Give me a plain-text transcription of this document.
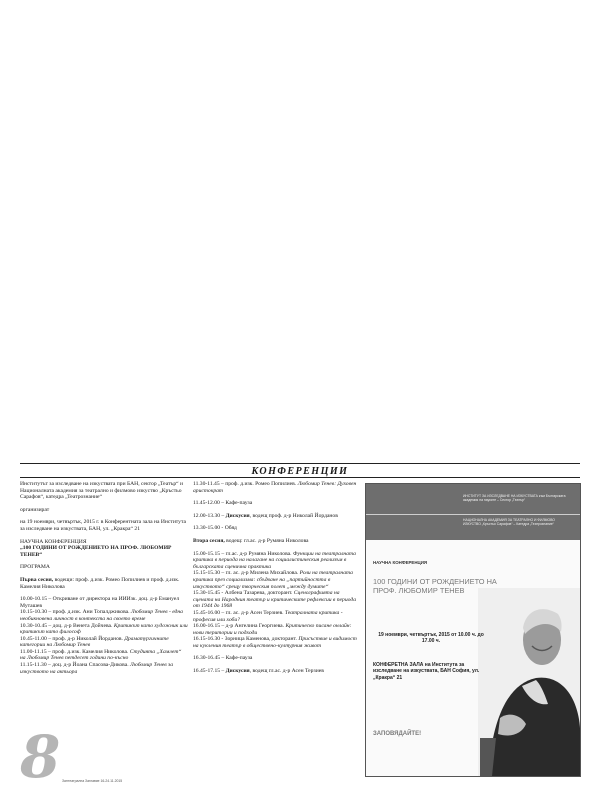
КОНФЕРЕНЦИИ

Институтът за изследване на изкуствата при БАН, сектор „Театър“ и Националната академия за театрално и филмово изкуство „Кръстьо Сарафов“, катедра „Театрознание“

организират

на 19 ноември, четвъртък, 2015 г. в Конферентната зала на Института за изследване на изкуствата, БАН, ул. „Кракра“ 21

НАУЧНА КОНФЕРЕНЦИЯ

„100 ГОДИНИ ОТ РОЖДЕНИЕТО НА ПРОФ. ЛЮБОМИР ТЕНЕВ“

ПРОГРАМА

Първа сесия, водещи: проф. д.изк. Ромео Попилиев и проф. д.изк. Камелия Николова

10.00-10.15 – Откриване от директора на ИИИзк. доц. д-р Емануел Муташев

10.15-10.30 – проф. д.изк. Ани Топалджикова. Любомир Тенев - една необикновена личност в контекста на своето време

10.30-10.45 – доц. д-р Венета Дойчева. Критикът като художник или критикът като философ

10.45-11.00 – проф. д-р Николай Йорданов. Драматургичните категории на Любомир Тенев

11.00-11.15 – проф. д.изк. Камелия Николова. Студията „Хамлет“ на Любомир Тенев петдесет години по-късно

11.15-11.30 – доц. д-р Йоана Спасова-Дикова. Любомир Тенев за изкуството на актьора

11.30-11.45 – проф. д.изк. Ромео Попилиев. Любомир Тенев: Духовен аристократ

11.45-12.00 – Кафе-пауза

12.00-13.30 – Дискусия, водещ проф. д-р Николай Йорданов

13.30-15.00 - Обяд

Втора сесия, водещ: гл.ас. д-р Румяна Николова

15.00-15.15 – гл.ас. д-р Румяна Николова. Функции на театралната критика в периода на налагане на социалистическия реализъм в българската сценична практика

15.15-15.30 – гл. ас. д-р Милена Михайлова. Роли на театралната критика през социализма: сбъдване на „партийността в изкуството“ срещу творческия полет „между думите“

15.30-15.45 - Албена Тазарева, докторант. Сценографията на сцената на Народния театър и критическите рефлексии в периода от 1944 до 1968

15.45-16.00 – гл. ас. д-р Асен Терзиев. Театралната критика - професия или хоби?

16.00-16.15 – д-р Ангелина Георгиева. Критическо писане онлайн: нови територии и подходи

16.15-16.30 - Зорница Каменова, докторант. Присъствие и видимост на кукления театър в обществено-културния живот

16.30-16.45 – Кафе-пауза

16.45-17.15 – Дискусия, водещ гл.ас. д-р Асен Терзиев

ИНСТИТУТ ЗА ИЗСЛЕДВАНЕ НА ИЗКУСТВАТА към Българската академия на науките – Сектор „Театър“
НАЦИОНАЛНА АКАДЕМИЯ ЗА ТЕАТРАЛНО И ФИЛМОВО ИЗКУСТВО „Кръстьо Сарафов“ – Катедра „Театрознание“
НАУЧНА КОНФЕРЕНЦИЯ
100 ГОДИНИ ОТ РОЖДЕНИЕТО НА ПРОФ. ЛЮБОМИР ТЕНЕВ
19 ноември, четвъртък, 2015 от 10.00 ч. до 17.00 ч.
КОНФЕРЕТНА ЗАЛА на Института за изследване на изкуствата, БАН София, ул. „Кракра“ 21
ЗАПОВЯДАЙТЕ!
8 Зантеатрална Заглавие 16-24.11.2015
